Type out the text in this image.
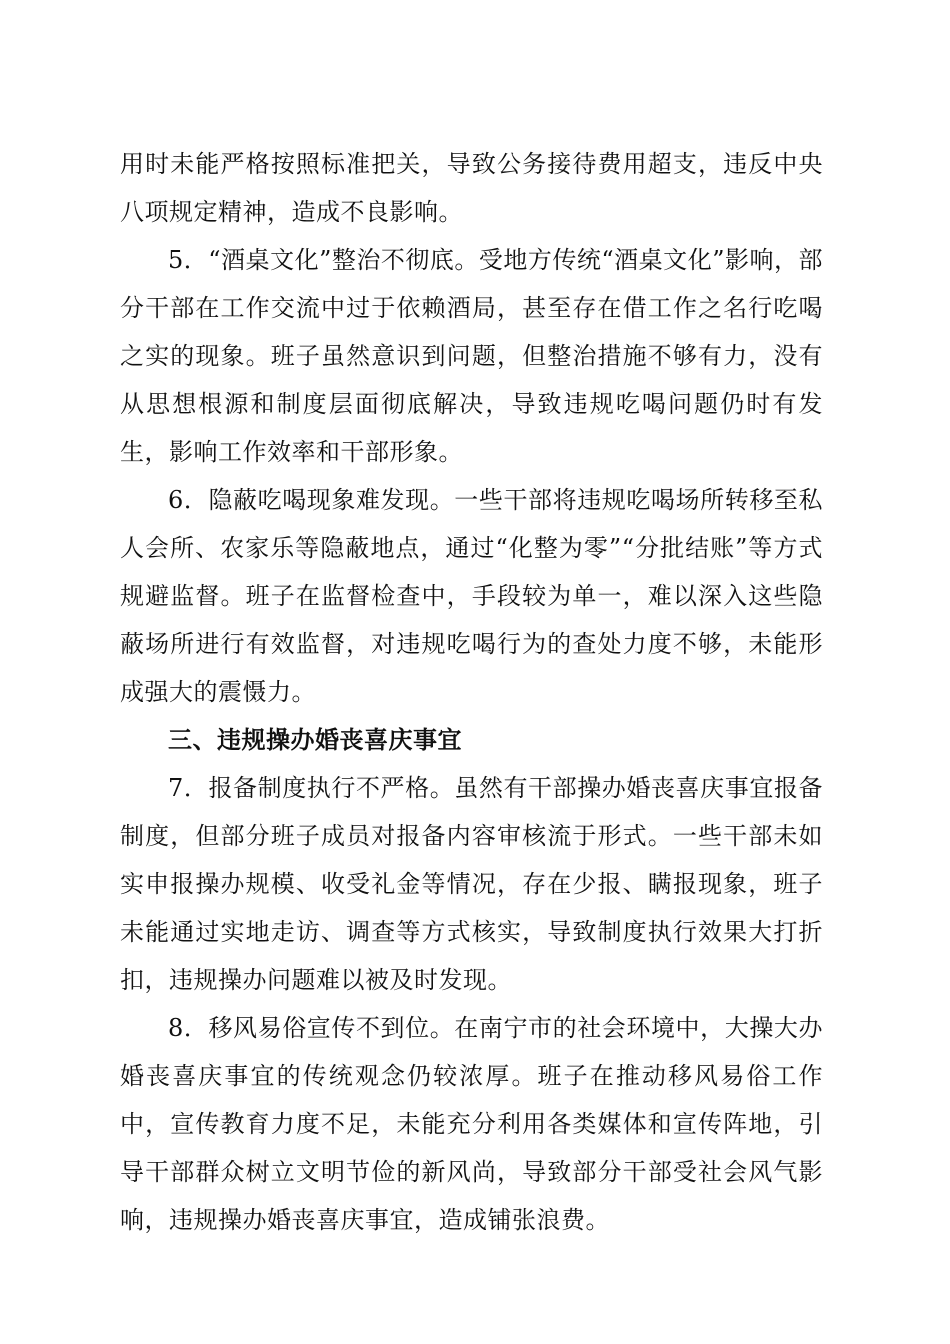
用时未能严格按照标准把关，导致公务接待费用超支，违反中央八项规定精神，造成不良影响。

5．“酒桌文化”整治不彻底。受地方传统“酒桌文化”影响，部分干部在工作交流中过于依赖酒局，甚至存在借工作之名行吃喝之实的现象。班子虽然意识到问题，但整治措施不够有力，没有从思想根源和制度层面彻底解决，导致违规吃喝问题仍时有发生，影响工作效率和干部形象。

6．隐蔽吃喝现象难发现。一些干部将违规吃喝场所转移至私人会所、农家乐等隐蔽地点，通过“化整为零”“分批结账”等方式规避监督。班子在监督检查中，手段较为单一，难以深入这些隐蔽场所进行有效监督，对违规吃喝行为的查处力度不够，未能形成强大的震慑力。

三、违规操办婚丧喜庆事宜

7．报备制度执行不严格。虽然有干部操办婚丧喜庆事宜报备制度，但部分班子成员对报备内容审核流于形式。一些干部未如实申报操办规模、收受礼金等情况，存在少报、瞒报现象，班子未能通过实地走访、调查等方式核实，导致制度执行效果大打折扣，违规操办问题难以被及时发现。

8．移风易俗宣传不到位。在南宁市的社会环境中，大操大办婚丧喜庆事宜的传统观念仍较浓厚。班子在推动移风易俗工作中，宣传教育力度不足，未能充分利用各类媒体和宣传阵地，引导干部群众树立文明节俭的新风尚，导致部分干部受社会风气影响，违规操办婚丧喜庆事宜，造成铺张浪费。
